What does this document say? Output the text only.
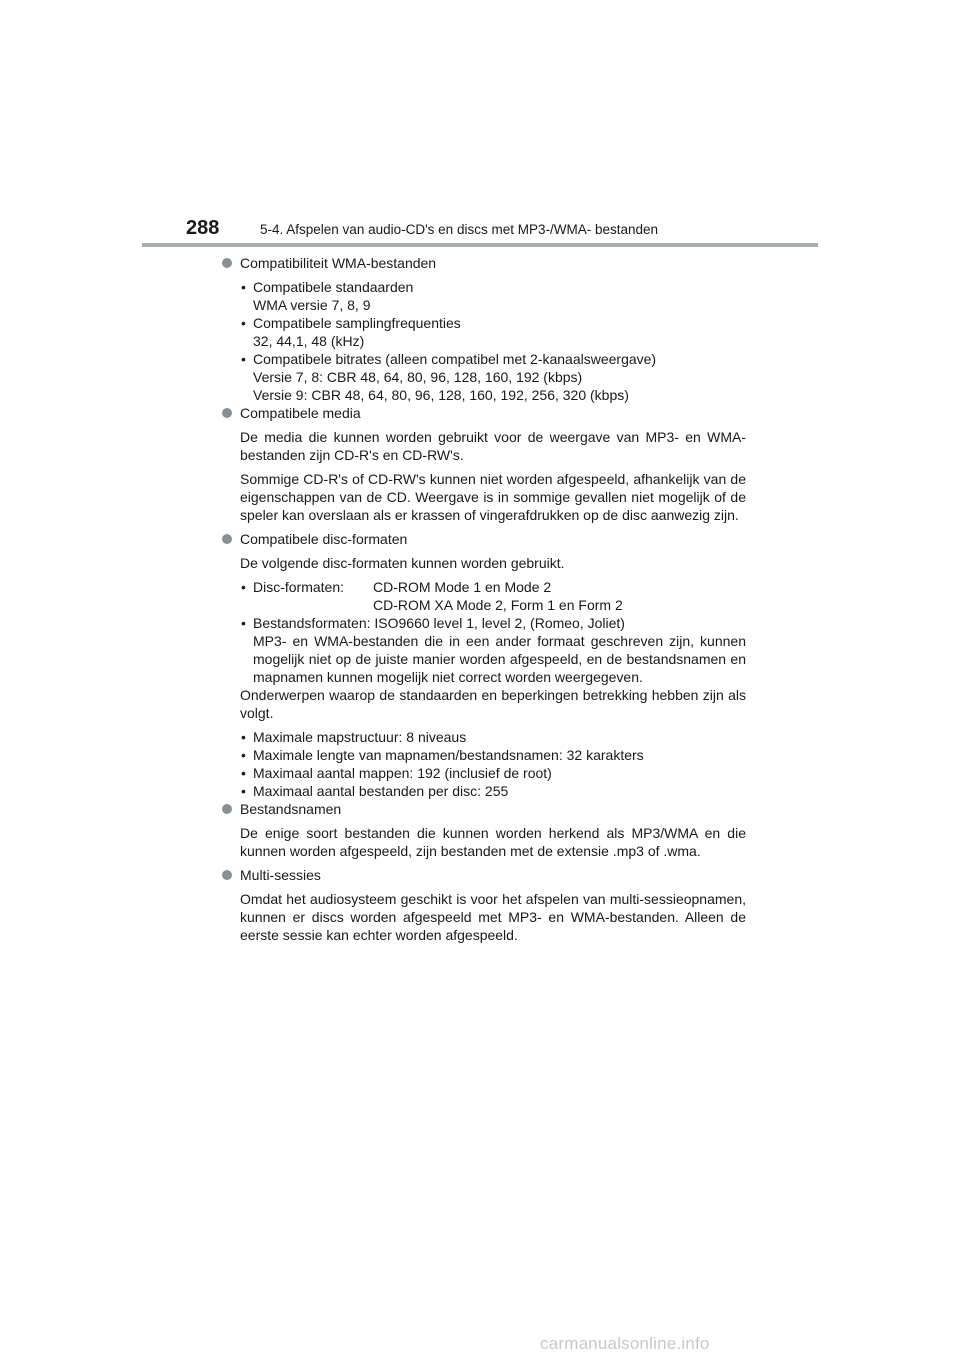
288	5-4. Afspelen van audio-CD's en discs met MP3-/WMA- bestanden

Compatibiliteit WMA-bestanden

• Compatibele standaarden
WMA versie 7, 8, 9
• Compatibele samplingfrequenties
32, 44,1, 48 (kHz)
• Compatibele bitrates (alleen compatibel met 2-kanaalsweergave)
Versie 7, 8: CBR 48, 64, 80, 96, 128, 160, 192 (kbps)
Versie 9: CBR 48, 64, 80, 96, 128, 160, 192, 256, 320 (kbps)

Compatibele media

De media die kunnen worden gebruikt voor de weergave van MP3- en WMA-bestanden zijn CD-R's en CD-RW's.

Sommige CD-R's of CD-RW's kunnen niet worden afgespeeld, afhankelijk van de eigenschappen van de CD. Weergave is in sommige gevallen niet mogelijk of de speler kan overslaan als er krassen of vingerafdrukken op de disc aanwezig zijn.

Compatibele disc-formaten

De volgende disc-formaten kunnen worden gebruikt.

• Disc-formaten:	CD-ROM Mode 1 en Mode 2
CD-ROM XA Mode 2, Form 1 en Form 2
• Bestandsformaten: ISO9660 level 1, level 2, (Romeo, Joliet)
MP3- en WMA-bestanden die in een ander formaat geschreven zijn, kunnen mogelijk niet op de juiste manier worden afgespeeld, en de bestandsnamen en mapnamen kunnen mogelijk niet correct worden weergegeven.

Onderwerpen waarop de standaarden en beperkingen betrekking hebben zijn als volgt.

• Maximale mapstructuur: 8 niveaus
• Maximale lengte van mapnamen/bestandsnamen: 32 karakters
• Maximaal aantal mappen: 192 (inclusief de root)
• Maximaal aantal bestanden per disc: 255

Bestandsnamen

De enige soort bestanden die kunnen worden herkend als MP3/WMA en die kunnen worden afgespeeld, zijn bestanden met de extensie .mp3 of .wma.

Multi-sessies

Omdat het audiosysteem geschikt is voor het afspelen van multi-sessieopnamen, kunnen er discs worden afgespeeld met MP3- en WMA-bestanden. Alleen de eerste sessie kan echter worden afgespeeld.

carmanualsonline.info
